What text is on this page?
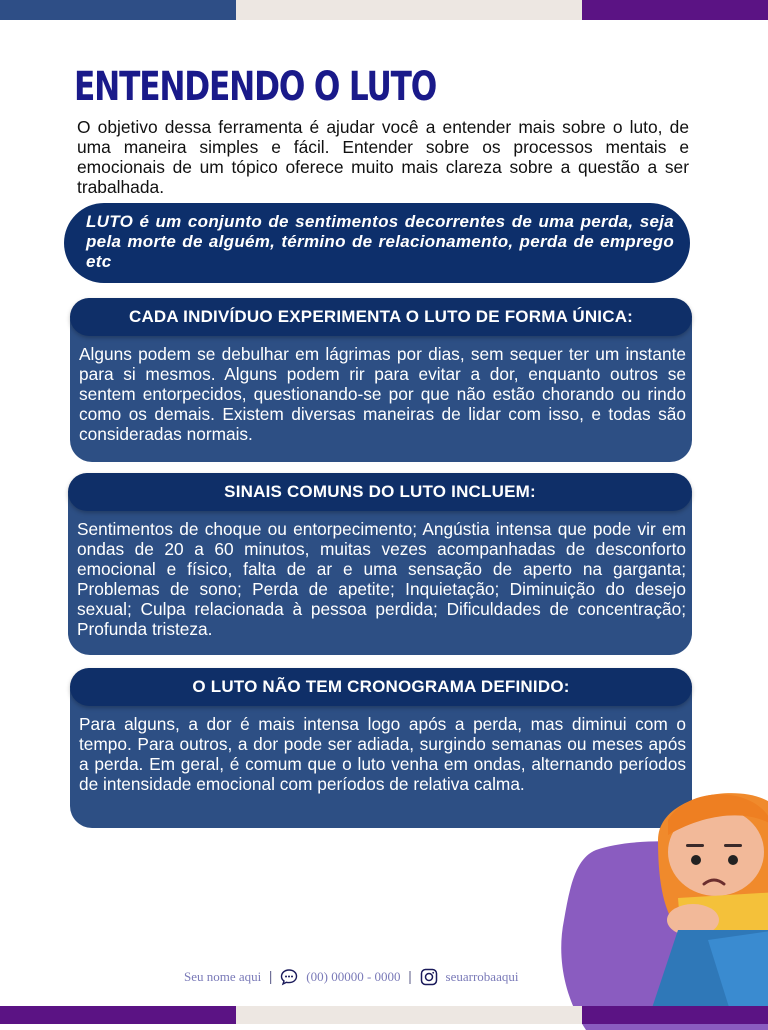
ENTENDENDO O LUTO

O objetivo dessa ferramenta é ajudar você a entender mais sobre o luto, de uma maneira simples e fácil. Entender sobre os processos mentais e emocionais de um tópico oferece muito mais clareza sobre a questão a ser trabalhada.

LUTO é um conjunto de sentimentos decorrentes de uma perda, seja pela morte de alguém, término de relacionamento, perda de emprego etc

CADA INDIVÍDUO EXPERIMENTA O LUTO DE FORMA ÚNICA:

Alguns podem se debulhar em lágrimas por dias, sem sequer ter um instante para si mesmos. Alguns podem rir para evitar a dor, enquanto outros se sentem entorpecidos, questionando-se por que não estão chorando ou rindo como os demais. Existem diversas maneiras de lidar com isso, e todas são consideradas normais.

SINAIS COMUNS DO LUTO INCLUEM:

Sentimentos de choque ou entorpecimento; Angústia intensa que pode vir em ondas de 20 a 60 minutos, muitas vezes acompanhadas de desconforto emocional e físico, falta de ar e uma sensação de aperto na garganta; Problemas de sono; Perda de apetite; Inquietação; Diminuição do desejo sexual; Culpa relacionada à pessoa perdida; Dificuldades de concentração; Profunda tristeza.

O LUTO NÃO TEM CRONOGRAMA DEFINIDO:

Para alguns, a dor é mais intensa logo após a perda, mas diminui com o tempo. Para outros, a dor pode ser adiada, surgindo semanas ou meses após a perda. Em geral, é comum que o luto venha em ondas, alternando períodos de intensidade emocional com períodos de relativa calma.

Seu nome aqui |	(00) 00000 - 0000 |	seuarrobaaqui
